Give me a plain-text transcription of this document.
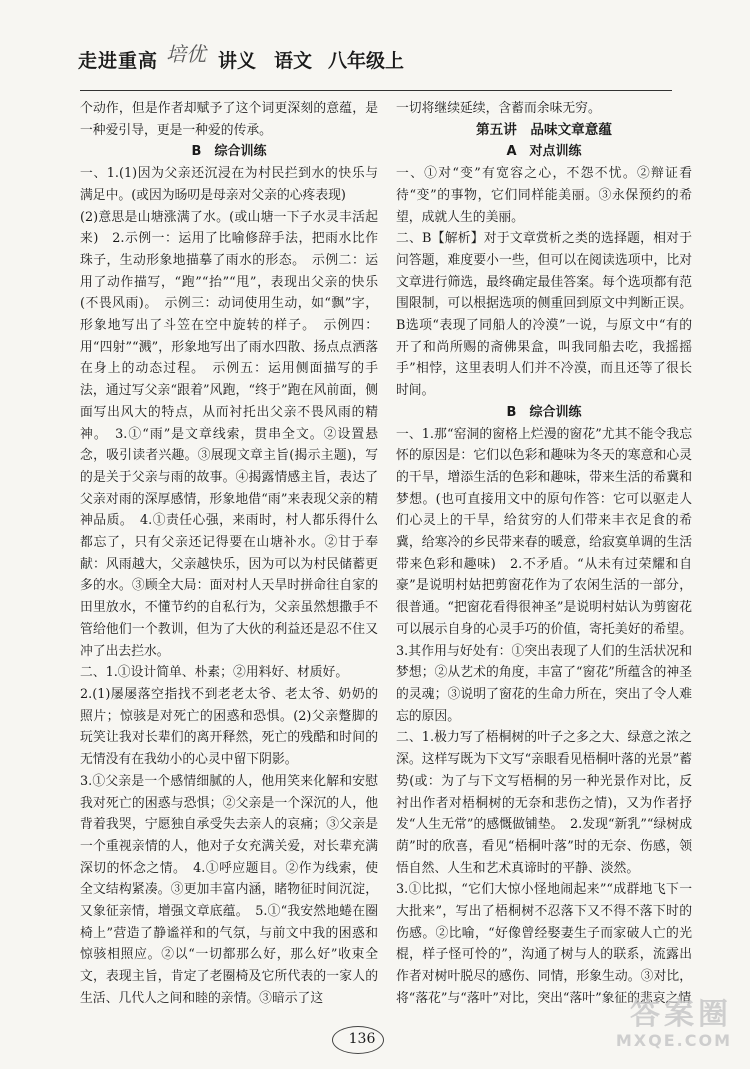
走进重高 培优 讲义 语文 八年级上

个动作，但是作者却赋予了这个词更深刻的意蕴，是一种爱引导，更是一种爱的传承。

B　综合训练

一、1.(1)因为父亲还沉浸在为村民拦到水的快乐与满足中。(或因为旸叨是母亲对父亲的心疼表现)

(2)意思是山塘涨满了水。(或山塘一下子水灵丰活起来)　2.示例一：运用了比喻修辞手法，把雨水比作珠子，生动形象地描摹了雨水的形态。　示例二：运用了动作描写，“跑”“抬”“甩”，表现出父亲的快乐(不畏风雨)。　示例三：动词使用生动，如“飘”字，形象地写出了斗笠在空中旋转的样子。　示例四：用“四射”“溅”，形象地写出了雨水四散、扬点点洒落在身上的动态过程。　示例五：运用侧面描写的手法，通过写父亲“跟着”风跑，“终于”跑在风前面，侧面写出风大的特点，从而衬托出父亲不畏风雨的精神。　3.①“雨”是文章线索，贯串全文。②设置悬念，吸引读者兴趣。③展现文章主旨(揭示主题)，写的是关于父亲与雨的故事。④揭露情感主旨，表达了父亲对雨的深厚感情，形象地借“雨”来表现父亲的精神品质。　4.①责任心强，来雨时，村人都乐得什么都忘了，只有父亲还记得要在山塘补水。②甘于奉献：风雨越大，父亲越快乐，因为可以为村民储蓄更多的水。③顾全大局：面对村人天旱时拼命往自家的田里放水，不懂节约的自私行为，父亲虽然想撒手不管给他们一个教训，但为了大伙的利益还是忍不住又冲了出去拦水。

二、1.①设计简单、朴素；②用料好、材质好。

2.(1)屡屡落空指找不到老老太爷、老太爷、奶奶的照片；惊骇是对死亡的困惑和恐惧。(2)父亲蹩脚的玩笑让我对长辈们的离开释然，死亡的残酷和时间的无情没有在我幼小的心灵中留下阴影。

3.①父亲是一个感情细腻的人，他用笑来化解和安慰我对死亡的困惑与恐惧；②父亲是一个深沉的人，他背着我哭，宁愿独自承受失去亲人的哀痛；③父亲是一个重视亲情的人，他对子女充满关爱，对长辈充满深切的怀念之情。　4.①呼应题目。②作为线索，使全文结构紧凑。③更加丰富内涵，睹物征时间沉淀，又象征亲情，增强文章底蕴。　5.①“我安然地蜷在圈椅上”营造了静谧祥和的气氛，与前文中我的困惑和惊骇相照应。②以“一切都那么好，那么好”收束全文，表现主旨，肯定了老圈椅及它所代表的一家人的生活、几代人之间和睦的亲情。③暗示了这

一切将继续延续，含蓄而余味无穷。

第五讲　品味文章意蕴

A　对点训练

一、①对“变”有宽容之心，不怨不忧。②辩证看待“变”的事物，它们同样能美丽。③永保预约的希望，成就人生的美丽。

二、B【解析】对于文章赏析之类的选择题，相对于问答题，难度要小一些，但可以在阅读选项中，比对文章进行筛选，最终确定最佳答案。每个选项都有范围限制，可以根据选项的侧重回到原文中判断正误。B选项“表现了同船人的冷漠”一说，与原文中“有的开了和尚所赐的斋佛果盒，叫我同船去吃，我摇摇手”相悖，这里表明人们并不冷漠，而且还等了很长时间。

B　综合训练

一、1.那“窑洞的窗格上烂漫的窗花”尤其不能令我忘怀的原因是：它们以色彩和趣味为冬天的寒意和心灵的干旱，增添生活的色彩和趣味，带来生活的希冀和梦想。(也可直接用文中的原句作答：它可以驱走人们心灵上的干旱，给贫穷的人们带来丰衣足食的希冀，给寒冷的乡民带来春的暖意，给寂寞单调的生活带来色彩和趣味)　2.不矛盾。“从未有过荣耀和自豪”是说明村姑把剪窗花作为了农闲生活的一部分，很普通。“把窗花看得很神圣”是说明村姑认为剪窗花可以展示自身的心灵手巧的价值，寄托美好的希望。3.其作用与好处有：①突出表现了人们的生活状况和梦想；②从艺术的角度，丰富了“窗花”所蕴含的神圣的灵魂；③说明了窗花的生命力所在，突出了令人难忘的原因。

二、1.极力写了梧桐树的叶子之多之大、绿意之浓之深。这样写既为下文写“亲眼看见梧桐叶落的光景”蓄势(或：为了与下文写梧桐的另一种光景作对比，反衬出作者对梧桐树的无奈和悲伤之情)，又为作者抒发“人生无常”的感慨做铺垫。　2.发现“新乳”“绿树成荫”时的欣喜，看见“梧桐叶落”时的无奈、伤感，领悟自然、人生和艺术真谛时的平静、淡然。

3.①比拟，“它们大惊小怪地闹起来”“成群地飞下一大批来”，写出了梧桐树不忍落下又不得不落下时的伤感。②比喻，“好像曾经娶妻生子而家破人亡的光棍，样子怪可怜的”，沟通了树与人的联系，流露出作者对树叶脱尽的感伤、同情，形象生动。③对比，将“落花”与“落叶”对比，突出“落叶”象征的悲哀之情

136
答案圈
MXQE.COM
